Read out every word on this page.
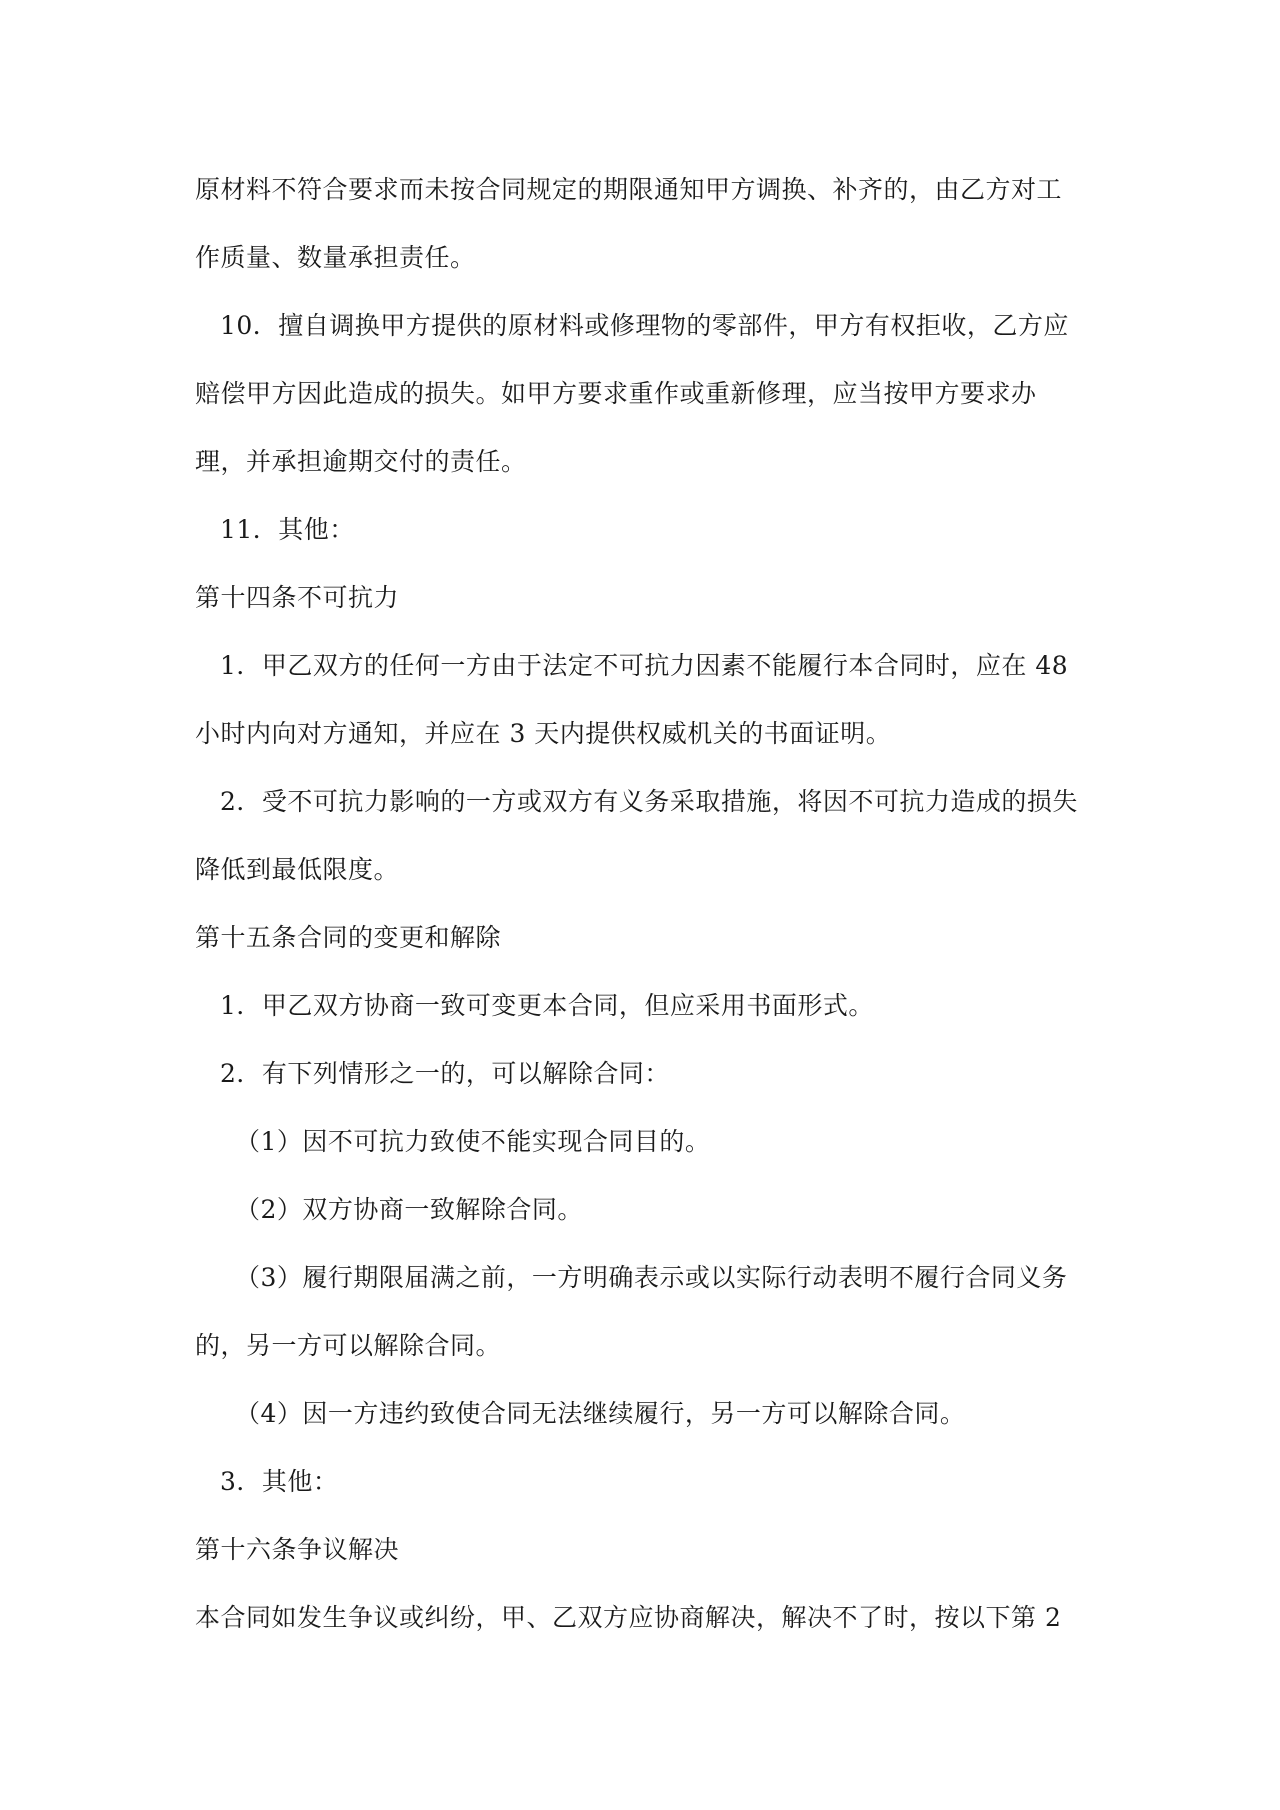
原材料不符合要求而未按合同规定的期限通知甲方调换、补齐的，由乙方对工
作质量、数量承担责任。
10．擅自调换甲方提供的原材料或修理物的零部件，甲方有权拒收，乙方应
赔偿甲方因此造成的损失。如甲方要求重作或重新修理，应当按甲方要求办
理，并承担逾期交付的责任。
11．其他：
第十四条不可抗力
1．甲乙双方的任何一方由于法定不可抗力因素不能履行本合同时，应在 48
小时内向对方通知，并应在 3 天内提供权威机关的书面证明。
2．受不可抗力影响的一方或双方有义务采取措施，将因不可抗力造成的损失
降低到最低限度。
第十五条合同的变更和解除
1．甲乙双方协商一致可变更本合同，但应采用书面形式。
2．有下列情形之一的，可以解除合同：
（1）因不可抗力致使不能实现合同目的。
（2）双方协商一致解除合同。
（3）履行期限届满之前，一方明确表示或以实际行动表明不履行合同义务
的，另一方可以解除合同。
（4）因一方违约致使合同无法继续履行，另一方可以解除合同。
3．其他：
第十六条争议解决
本合同如发生争议或纠纷，甲、乙双方应协商解决，解决不了时，按以下第 2
